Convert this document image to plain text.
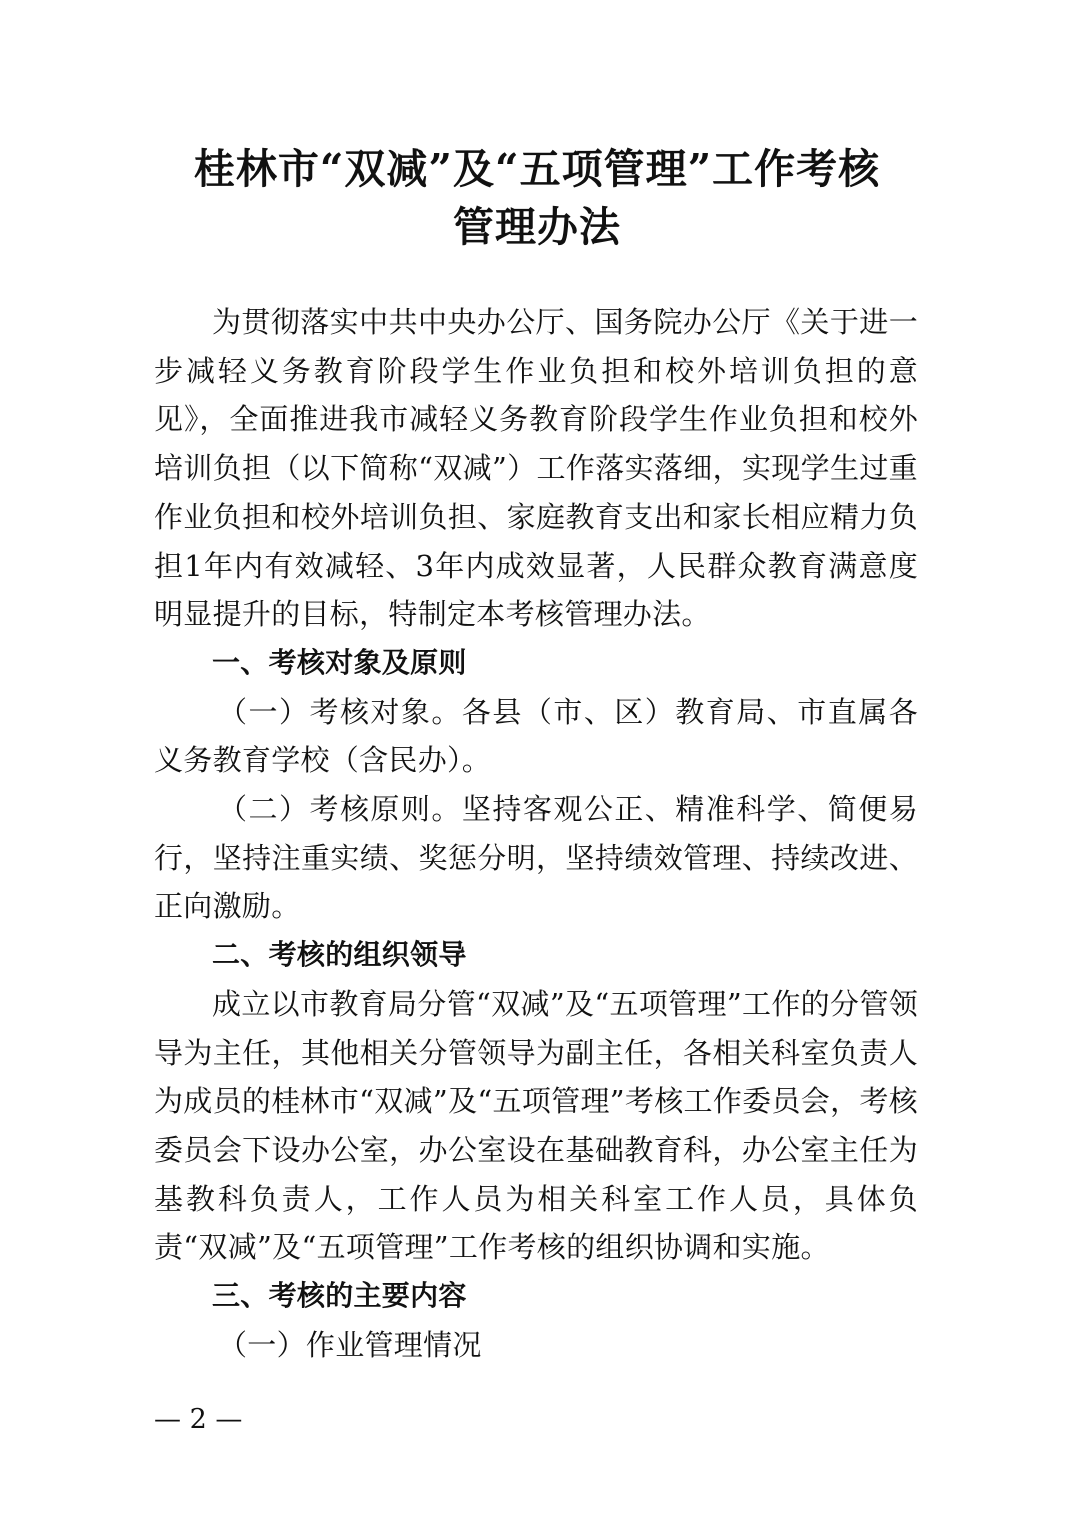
桂林市“双减”及“五项管理”工作考核
管理办法

为贯彻落实中共中央办公厅、国务院办公厅《关于进一步减轻义务教育阶段学生作业负担和校外培训负担的意见》，全面推进我市减轻义务教育阶段学生作业负担和校外培训负担（以下简称“双减”）工作落实落细，实现学生过重作业负担和校外培训负担、家庭教育支出和家长相应精力负担1年内有效减轻、3年内成效显著，人民群众教育满意度明显提升的目标，特制定本考核管理办法。

一、考核对象及原则

（一）考核对象。各县（市、区）教育局、市直属各义务教育学校（含民办）。

（二）考核原则。坚持客观公正、精准科学、简便易行，坚持注重实绩、奖惩分明，坚持绩效管理、持续改进、正向激励。

二、考核的组织领导

成立以市教育局分管“双减”及“五项管理”工作的分管领导为主任，其他相关分管领导为副主任，各相关科室负责人为成员的桂林市“双减”及“五项管理”考核工作委员会，考核委员会下设办公室，办公室设在基础教育科，办公室主任为基教科负责人，工作人员为相关科室工作人员，具体负责“双减”及“五项管理”工作考核的组织协调和实施。

三、考核的主要内容

（一）作业管理情况

— 2 —
